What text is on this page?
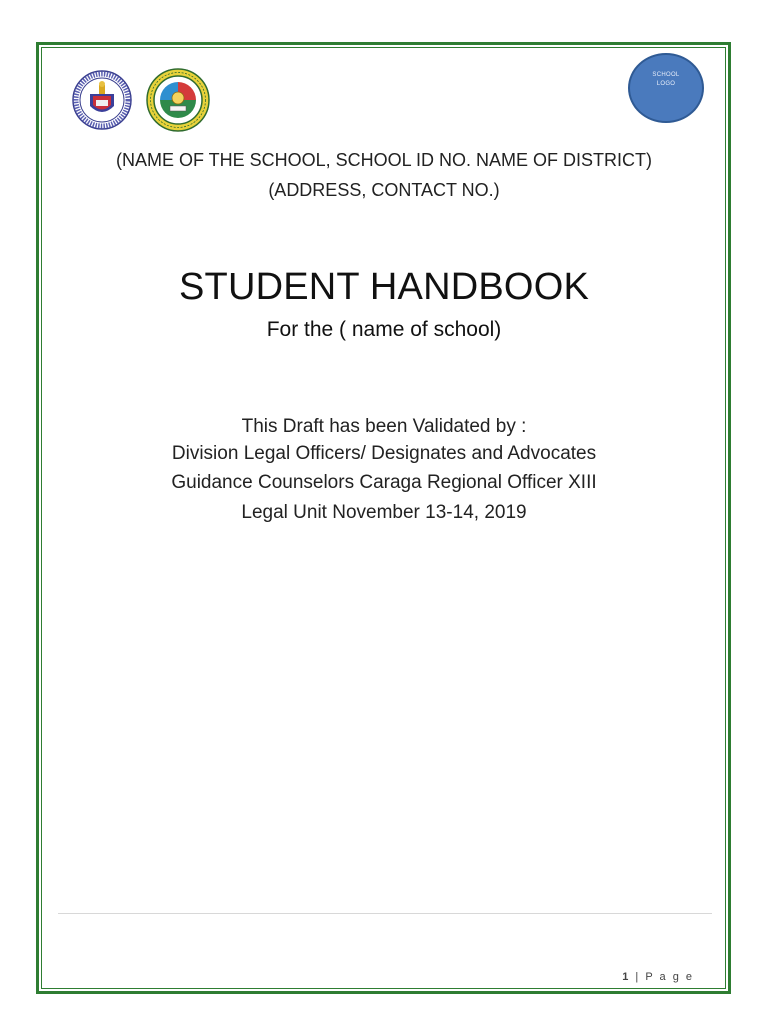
SCHOOL
LOGO
(NAME OF THE SCHOOL, SCHOOL ID NO. NAME OF DISTRICT)
(ADDRESS, CONTACT NO.)
STUDENT HANDBOOK
For the ( name of school)
This Draft has been Validated by :
Division Legal Officers/ Designates and Advocates
Guidance Counselors Caraga Regional Officer XIII
Legal Unit November 13-14, 2019
1 | P a g e
